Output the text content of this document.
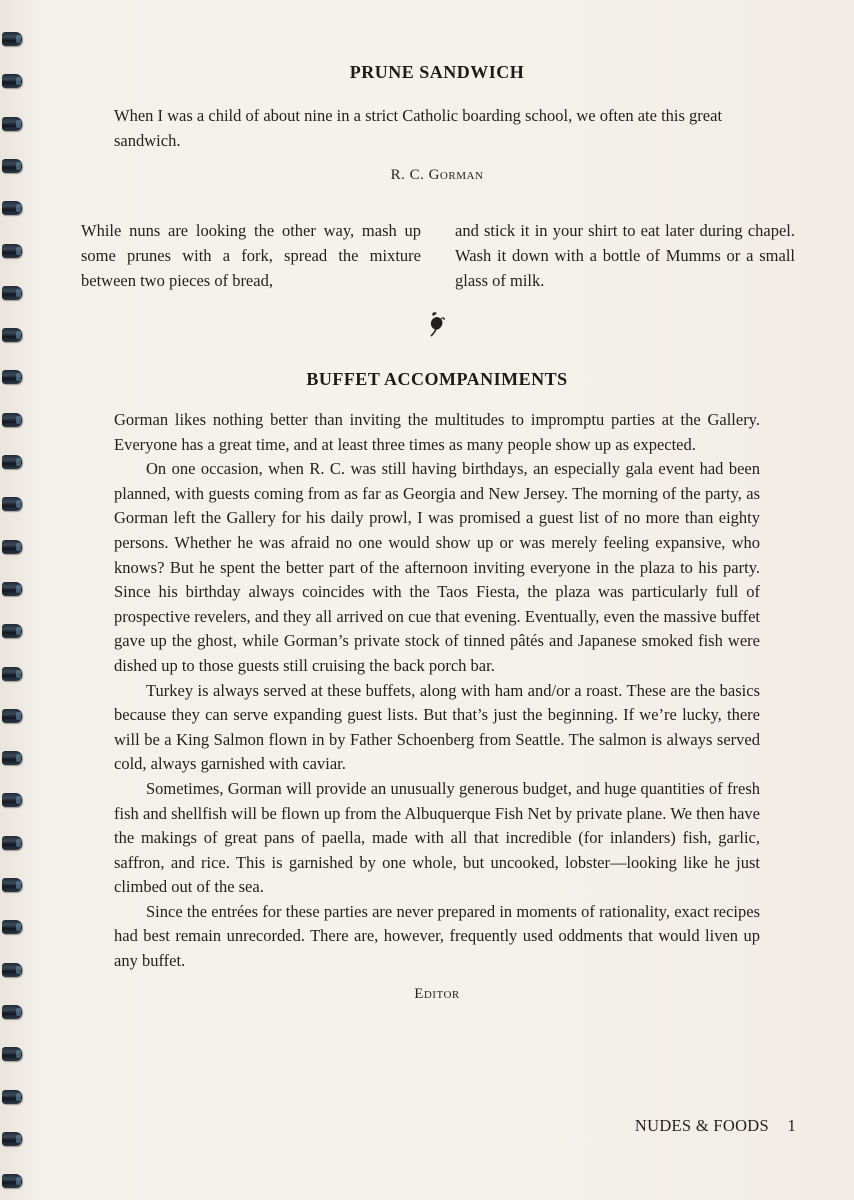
PRUNE SANDWICH

When I was a child of about nine in a strict Catholic boarding school, we often ate this great sandwich.

R. C. Gorman

While nuns are looking the other way, mash up some prunes with a fork, spread the mixture between two pieces of bread,

and stick it in your shirt to eat later during chapel. Wash it down with a bottle of Mumms or a small glass of milk.

BUFFET ACCOMPANIMENTS

Gorman likes nothing better than inviting the multitudes to impromptu parties at the Gallery. Everyone has a great time, and at least three times as many people show up as expected.

On one occasion, when R. C. was still having birthdays, an especially gala event had been planned, with guests coming from as far as Georgia and New Jersey. The morning of the party, as Gorman left the Gallery for his daily prowl, I was promised a guest list of no more than eighty persons. Whether he was afraid no one would show up or was merely feeling expansive, who knows? But he spent the better part of the afternoon inviting everyone in the plaza to his party. Since his birthday always coincides with the Taos Fiesta, the plaza was particularly full of prospective revelers, and they all arrived on cue that evening. Eventually, even the massive buffet gave up the ghost, while Gorman’s private stock of tinned pâtés and Japanese smoked fish were dished up to those guests still cruising the back porch bar.

Turkey is always served at these buffets, along with ham and/or a roast. These are the basics because they can serve expanding guest lists. But that’s just the beginning. If we’re lucky, there will be a King Salmon flown in by Father Schoenberg from Seattle. The salmon is always served cold, always garnished with caviar.

Sometimes, Gorman will provide an unusually generous budget, and huge quantities of fresh fish and shellfish will be flown up from the Albuquerque Fish Net by private plane. We then have the makings of great pans of paella, made with all that incredible (for inlanders) fish, garlic, saffron, and rice. This is garnished by one whole, but uncooked, lobster—looking like he just climbed out of the sea.

Since the entrées for these parties are never prepared in moments of rationality, exact recipes had best remain unrecorded. There are, however, frequently used oddments that would liven up any buffet.

Editor
NUDES & FOODS 1
